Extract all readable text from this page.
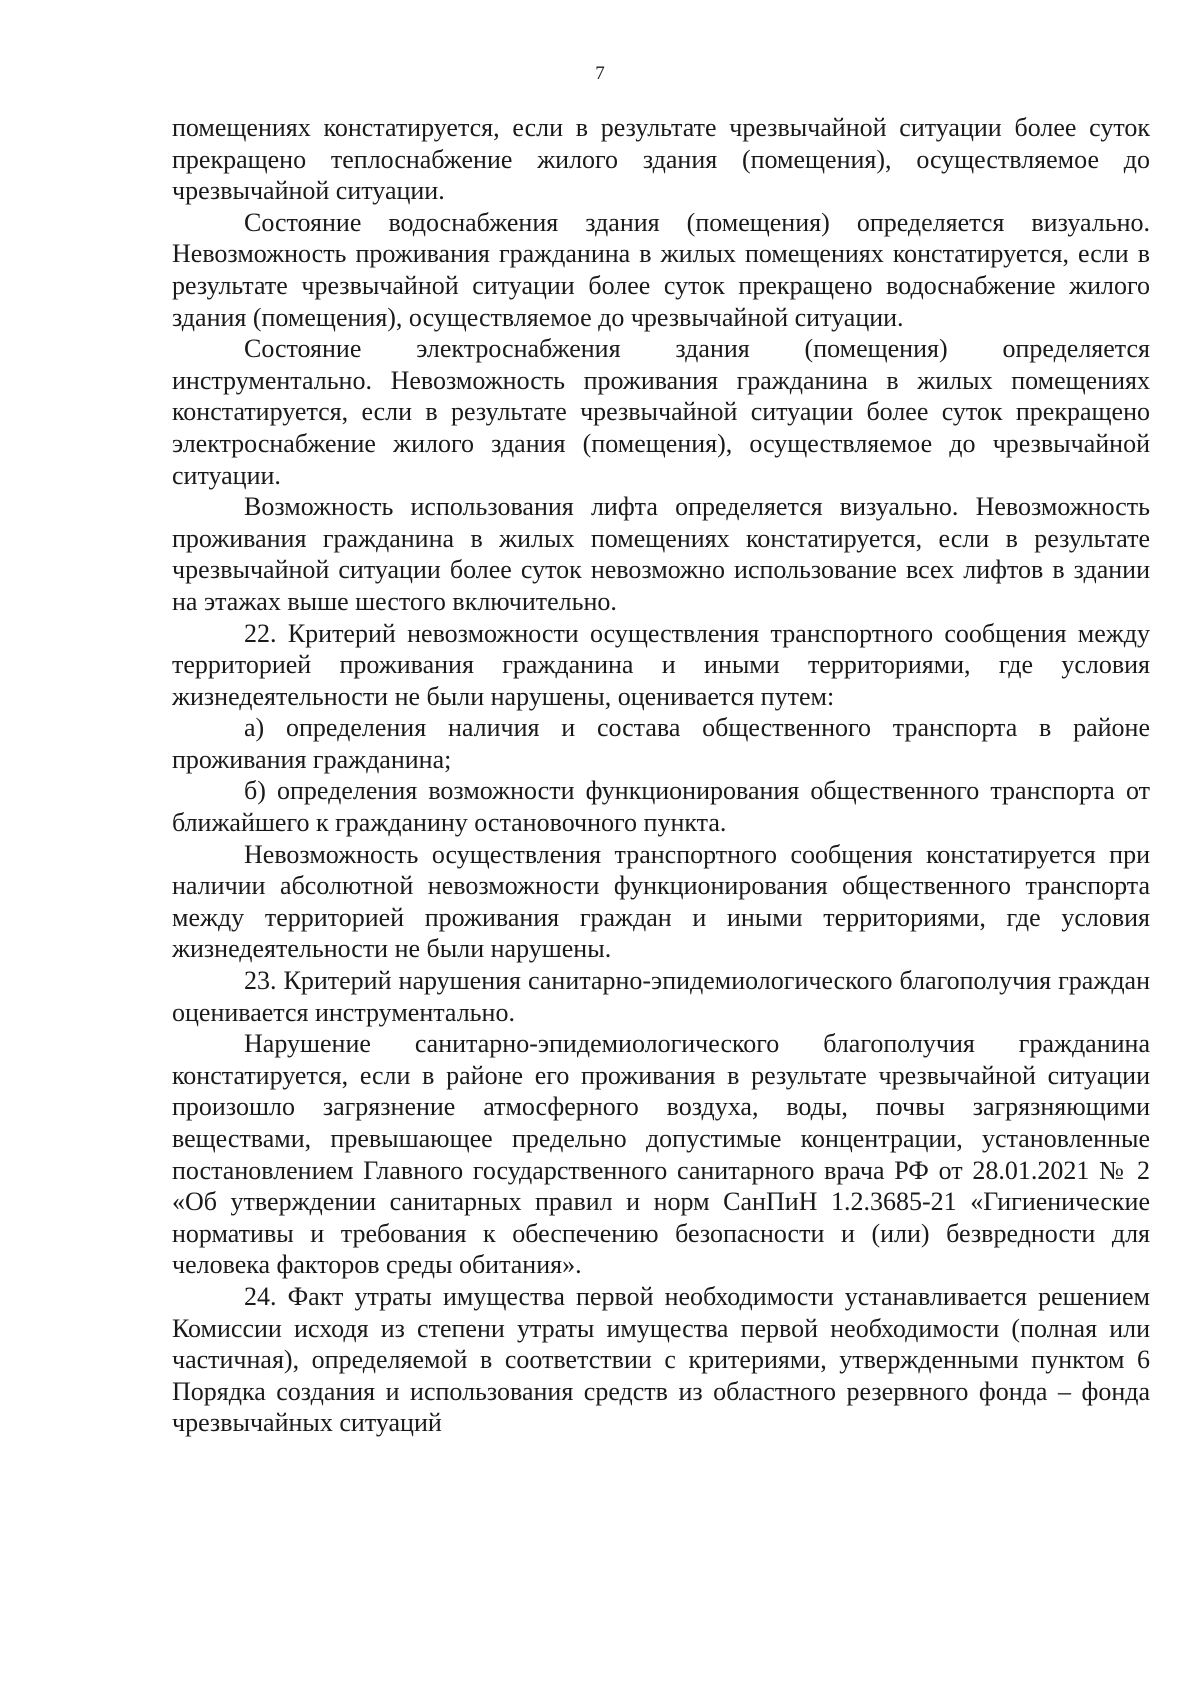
7

помещениях констатируется, если в результате чрезвычайной ситуации более суток прекращено теплоснабжение жилого здания (помещения), осуществляемое до чрезвычайной ситуации.

Состояние водоснабжения здания (помещения) определяется визуально. Невозможность проживания гражданина в жилых помещениях констатируется, если в результате чрезвычайной ситуации более суток прекращено водоснабжение жилого здания (помещения), осуществляемое до чрезвычайной ситуации.

Состояние электроснабжения здания (помещения) определяется инструментально. Невозможность проживания гражданина в жилых помещениях констатируется, если в результате чрезвычайной ситуации более суток прекращено электроснабжение жилого здания (помещения), осуществляемое до чрезвычайной ситуации.

Возможность использования лифта определяется визуально. Невозможность проживания гражданина в жилых помещениях констатируется, если в результате чрезвычайной ситуации более суток невозможно использование всех лифтов в здании на этажах выше шестого включительно.

22. Критерий невозможности осуществления транспортного сообщения между территорией проживания гражданина и иными территориями, где условия жизнедеятельности не были нарушены, оценивается путем:

а) определения наличия и состава общественного транспорта в районе проживания гражданина;

б) определения возможности функционирования общественного транспорта от ближайшего к гражданину остановочного пункта.

Невозможность осуществления транспортного сообщения констатируется при наличии абсолютной невозможности функционирования общественного транспорта между территорией проживания граждан и иными территориями, где условия жизнедеятельности не были нарушены.

23. Критерий нарушения санитарно-эпидемиологического благополучия граждан оценивается инструментально.

Нарушение санитарно-эпидемиологического благополучия гражданина констатируется, если в районе его проживания в результате чрезвычайной ситуации произошло загрязнение атмосферного воздуха, воды, почвы загрязняющими веществами, превышающее предельно допустимые концентрации, установленные постановлением Главного государственного санитарного врача РФ от 28.01.2021 № 2 «Об утверждении санитарных правил и норм СанПиН 1.2.3685-21 «Гигиенические нормативы и требования к обеспечению безопасности и (или) безвредности для человека факторов среды обитания».

24. Факт утраты имущества первой необходимости устанавливается решением Комиссии исходя из степени утраты имущества первой необходимости (полная или частичная), определяемой в соответствии с критериями, утвержденными пунктом 6 Порядка создания и использования средств из областного резервного фонда – фонда чрезвычайных ситуаций
